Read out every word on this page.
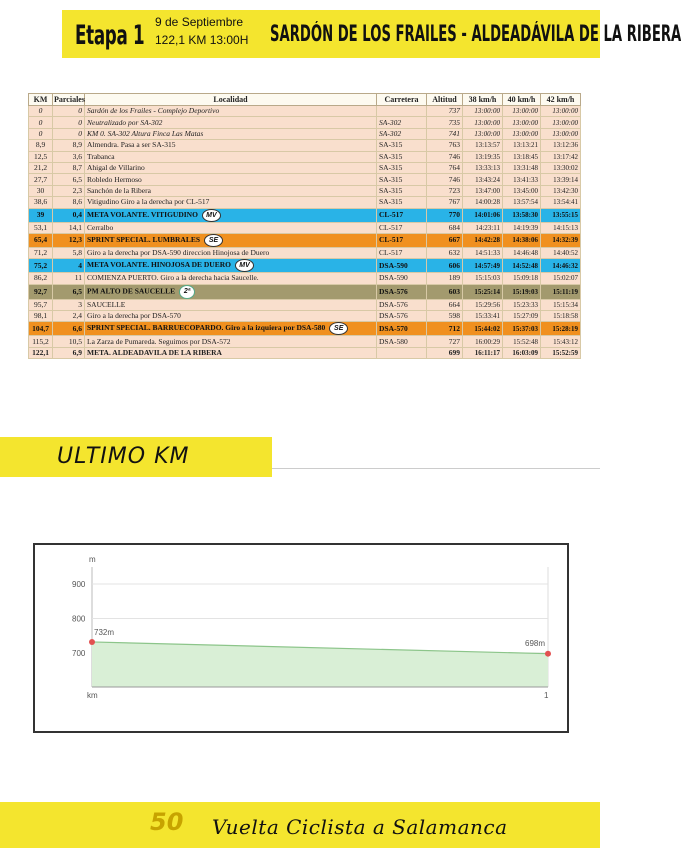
Etapa 1 9 de Septiembre
122,1 KM 13:00H SARDÓN DE LOS FRAILES - ALDEADÁVILA DE LA RIBERA
KM	Parciales	Localidad	Carretera	Altitud	38 km/h	40 km/h	42 km/h
0	0	Sardón de los Frailes - Complejo Deportivo		737	13:00:00	13:00:00	13:00:00
0	0	Neutralizado por SA-302	SA-302	735	13:00:00	13:00:00	13:00:00
0	0	KM 0. SA-302 Altura Finca Las Matas	SA-302	741	13:00:00	13:00:00	13:00:00
8,9	8,9	Almendra. Pasa a ser SA-315	SA-315	763	13:13:57	13:13:21	13:12:36
12,5	3,6	Trabanca	SA-315	746	13:19:35	13:18:45	13:17:42
21,2	8,7	Ahigal de Villarino	SA-315	764	13:33:13	13:31:48	13:30:02
27,7	6,5	Robledo Hermoso	SA-315	746	13:43:24	13:41:33	13:39:14
30	2,3	Sanchón de la Ribera	SA-315	723	13:47:00	13:45:00	13:42:30
38,6	8,6	Vitigudino Giro a la derecha por CL-517	SA-315	767	14:00:28	13:57:54	13:54:41
39	0,4	META VOLANTE. VITIGUDINO MV	CL-517	770	14:01:06	13:58:30	13:55:15
53,1	14,1	Cerralbo	CL-517	684	14:23:11	14:19:39	14:15:13
65,4	12,3	SPRINT SPECIAL. LUMBRALES SE	CL-517	667	14:42:28	14:38:06	14:32:39
71,2	5,8	Giro a la derecha por DSA-590 direccion Hinojosa de Duero	CL-517	632	14:51:33	14:46:48	14:40:52
75,2	4	META VOLANTE. HINOJOSA DE DUERO MV	DSA-590	606	14:57:49	14:52:48	14:46:32
86,2	11	COMIENZA PUERTO. Giro a la derecha hacia Saucelle.	DSA-590	189	15:15:03	15:09:18	15:02:07
92,7	6,5	PM ALTO DE SAUCELLE 2ª	DSA-576	603	15:25:14	15:19:03	15:11:19
95,7	3	SAUCELLE	DSA-576	664	15:29:56	15:23:33	15:15:34
98,1	2,4	Giro a la derecha por DSA-570	DSA-576	598	15:33:41	15:27:09	15:18:58
104,7	6,6	SPRINT SPECIAL. BARRUECOPARDO. Giro a la izquiera por DSA-580 SE	DSA-570	712	15:44:02	15:37:03	15:28:19
115,2	10,5	La Zarza de Pumareda. Seguimos por DSA-572	DSA-580	727	16:00:29	15:52:48	15:43:12
122,1	6,9	META. ALDEADAVILA DE LA RIBERA		699	16:11:17	16:03:09	15:52:59
ULTIMO KM
m
900
800
700
732m
698m
km	1
50 Vuelta Ciclista a Salamanca
